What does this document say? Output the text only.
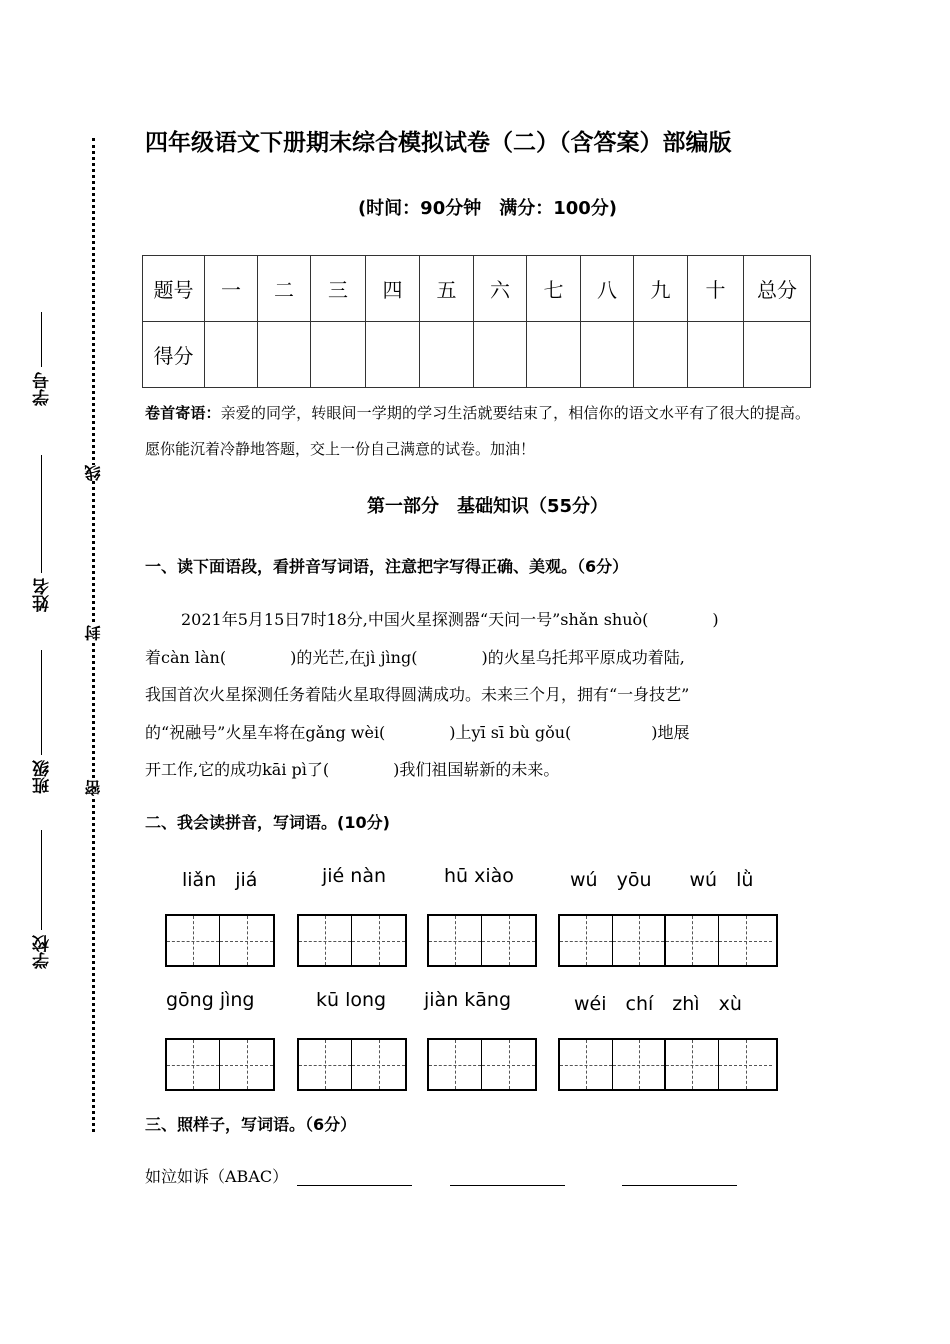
学校
班级
姓名
学号
密
封
线
四年级语文下册期末综合模拟试卷（二）（含答案）部编版
(时间：90分钟　满分：100分)
题号	一	二	三	四	五	六	七	八	九	十	总分
得分											
卷首寄语：亲爱的同学，转眼间一学期的学习生活就要结束了，相信你的语文水平有了很大的提高。愿你能沉着冷静地答题，交上一份自己满意的试卷。加油！
第一部分　基础知识（55分）
一、读下面语段，看拼音写词语，注意把字写得正确、美观。（6分）

2021年5月15日7时18分,中国火星探测器“天问一号”shǎn shuò(　　　　)

着càn làn(　　　　)的光芒,在jì jìng(　　　　)的火星乌托邦平原成功着陆,

我国首次火星探测任务着陆火星取得圆满成功。未来三个月，拥有“一身技艺”

的“祝融号”火星车将在gǎng wèi(　　　　)上yī sī bù gǒu(　　　　　)地展

开工作,它的成功kāi pì了(　　　　)我们祖国崭新的未来。

二、我会读拼音，写词语。(10分)
liǎn　jiá	jié nàn	hū xiào	wú　yōu　　wú　lǜ
gōng jìng	kū long jiàn kāng	wéi　chí　zhì　xù
三、照样子，写词语。（6分）
如泣如诉（ABAC）
